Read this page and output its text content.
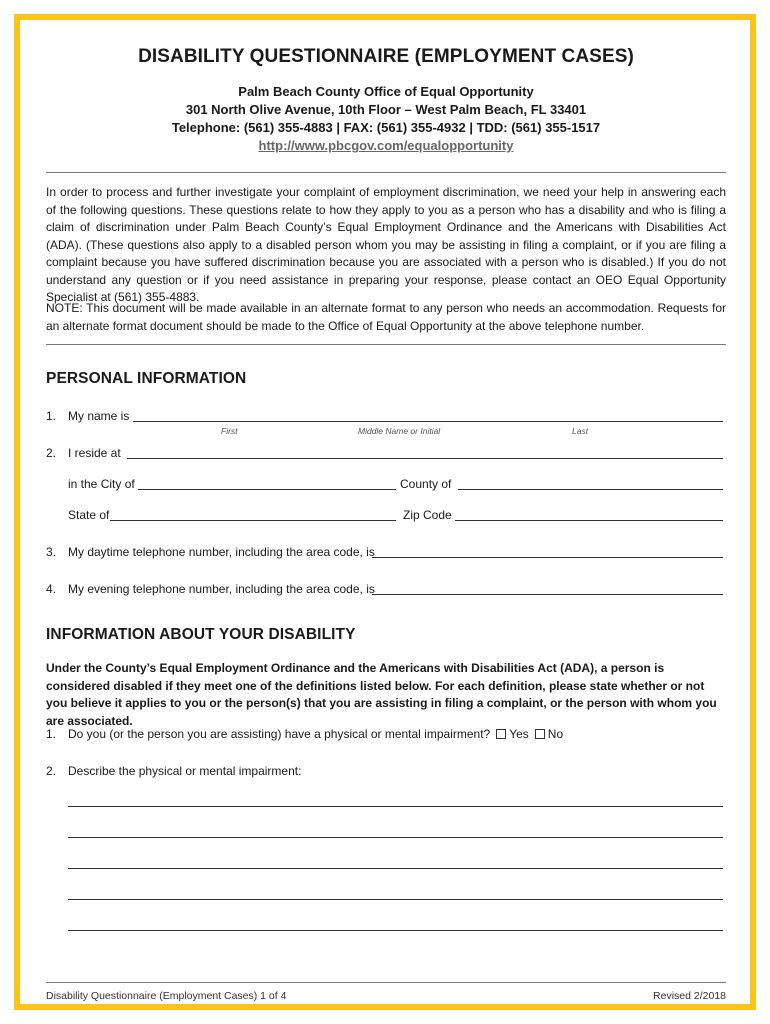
DISABILITY QUESTIONNAIRE (EMPLOYMENT CASES)
Palm Beach County Office of Equal Opportunity
301 North Olive Avenue, 10th Floor – West Palm Beach, FL 33401
Telephone: (561) 355-4883 | FAX: (561) 355-4932 | TDD: (561) 355-1517
http://www.pbcgov.com/equalopportunity
In order to process and further investigate your complaint of employment discrimination, we need your help in answering each of the following questions. These questions relate to how they apply to you as a person who has a disability and who is filing a claim of discrimination under Palm Beach County’s Equal Employment Ordinance and the Americans with Disabilities Act (ADA). (These questions also apply to a disabled person whom you may be assisting in filing a complaint, or if you are filing a complaint because you have suffered discrimination because you are associated with a person who is disabled.) If you do not understand any question or if you need assistance in preparing your response, please contact an OEO Equal Opportunity Specialist at (561) 355-4883.
NOTE: This document will be made available in an alternate format to any person who needs an accommodation. Requests for an alternate format document should be made to the Office of Equal Opportunity at the above telephone number.
PERSONAL INFORMATION
1. My name is
First	Middle Name or Initial	Last
2. I reside at
in the City of	County of
State of	Zip Code
3. My daytime telephone number, including the area code, is
4. My evening telephone number, including the area code, is
INFORMATION ABOUT YOUR DISABILITY
Under the County’s Equal Employment Ordinance and the Americans with Disabilities Act (ADA), a person is considered disabled if they meet one of the definitions listed below. For each definition, please state whether or not you believe it applies to you or the person(s) that you are assisting in filing a complaint, or the person with whom you are associated.
1. Do you (or the person you are assisting) have a physical or mental impairment? Yes No
2. Describe the physical or mental impairment:
Disability Questionnaire (Employment Cases) 1 of 4	Revised 2/2018
